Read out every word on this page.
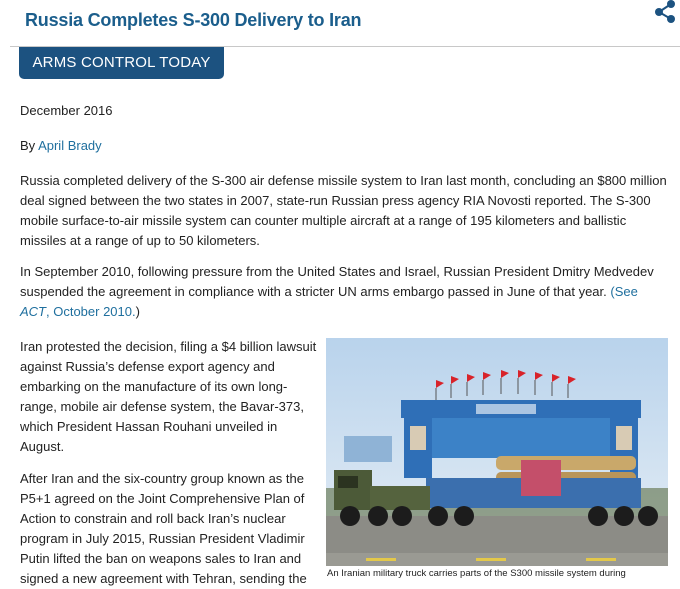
Russia Completes S-300 Delivery to Iran
ARMS CONTROL TODAY

December 2016

By April Brady

Russia completed delivery of the S-300 air defense missile system to Iran last month, concluding an $800 million deal signed between the two states in 2007, state-run Russian press agency RIA Novosti reported. The S-300 mobile surface-to-air missile system can counter multiple aircraft at a range of 195 kilometers and ballistic missiles at a range of up to 50 kilometers.

In September 2010, following pressure from the United States and Israel, Russian President Dmitry Medvedev suspended the agreement in compliance with a stricter UN arms embargo passed in June of that year. (See ACT, October 2010.)

Iran protested the decision, filing a $4 billion lawsuit against Russia’s defense export agency and embarking on the manufacture of its own long-range, mobile air defense system, the Bavar-373, which President Hassan Rouhani unveiled in August.

After Iran and the six-country group known as the P5+1 agreed on the Joint Comprehensive Plan of Action to constrain and roll back Iran’s nuclear program in July 2015, Russian President Vladimir Putin lifted the ban on weapons sales to Iran and signed a new agreement with Tehran, sending the	An Iranian military truck carries parts of the S300 missile system during
